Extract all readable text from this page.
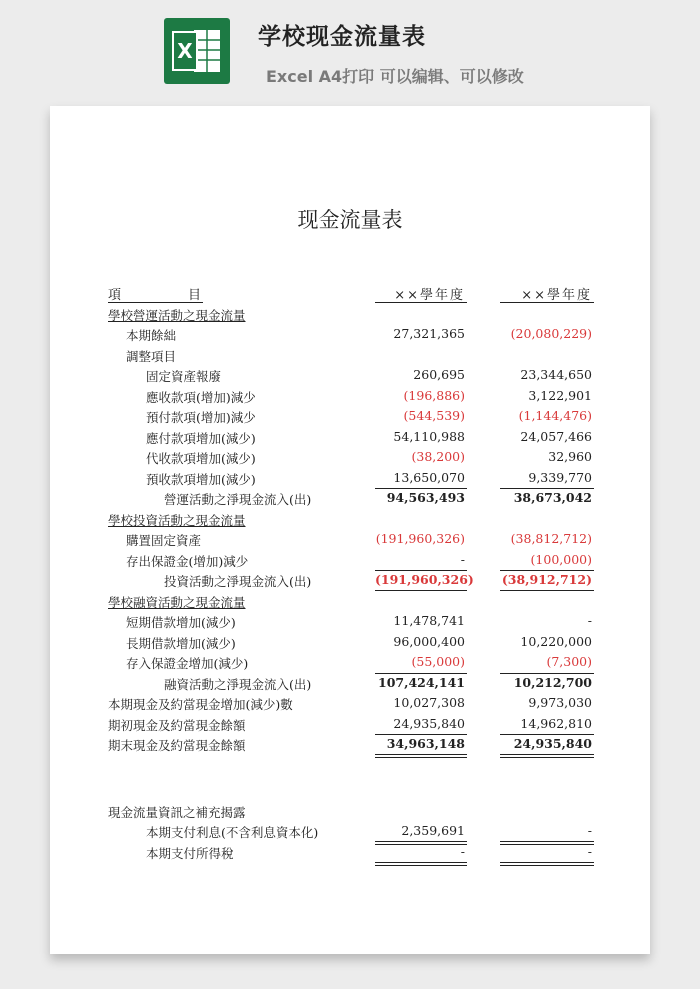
X
学校现金流量表
Excel A4打印 可以编辑、可以修改
现金流量表
項	目	××學年度	××學年度
學校營運活動之現金流量
本期餘絀	27,321,365	(20,080,229)
調整項目
固定資產報廢	260,695	23,344,650
應收款項(增加)減少	(196,886)	3,122,901
預付款項(增加)減少	(544,539)	(1,144,476)
應付款項增加(減少)	54,110,988	24,057,466
代收款項增加(減少)	(38,200)	32,960
預收款項增加(減少)	13,650,070	9,339,770
營運活動之淨現金流入(出)	94,563,493	38,673,042
學校投資活動之現金流量
購置固定資產	(191,960,326)	(38,812,712)
存出保證金(增加)減少	-	(100,000)
投資活動之淨現金流入(出)	(191,960,326) (38,912,712)
學校融資活動之現金流量
短期借款增加(減少)	11,478,741	-
長期借款增加(減少)	96,000,400	10,220,000
存入保證金增加(減少)	(55,000)	(7,300)
融資活動之淨現金流入(出)	107,424,141	10,212,700
本期現金及約當現金增加(減少)數	10,027,308	9,973,030
期初現金及約當現金餘額	24,935,840	14,962,810
期末現金及約當現金餘額	34,963,148	24,935,840
現金流量資訊之補充揭露
本期支付利息(不含利息資本化)	2,359,691	-
本期支付所得稅	-	-
